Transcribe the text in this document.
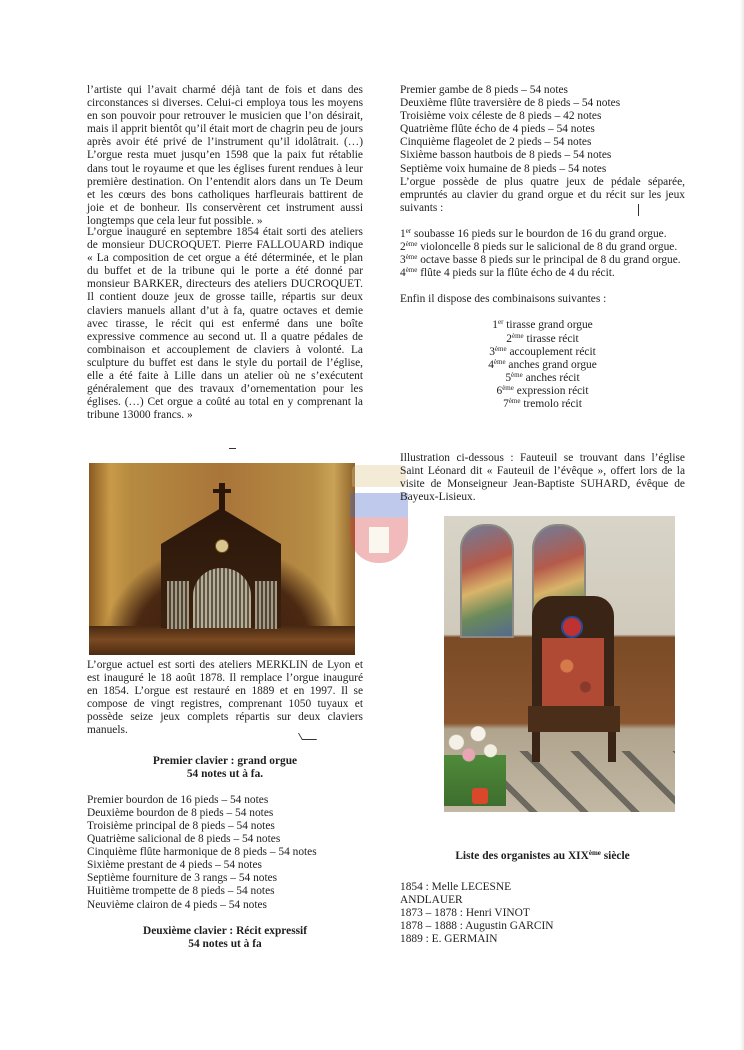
l’artiste qui l’avait charmé déjà tant de fois et dans des circonstances si diverses. Celui-ci employa tous les moyens en son pouvoir pour retrouver le musicien que l’on désirait, mais il apprit bientôt qu’il était mort de chagrin peu de jours après avoir été privé de l’instrument qu’il idolâtrait. (…) L’orgue resta muet jusqu’en 1598 que la paix fut rétablie dans tout le royaume et que les églises furent rendues à leur première destination. On l’entendit alors dans un Te Deum et les cœurs des bons catholiques harfleurais battirent de joie et de bonheur. Ils conservèrent cet instrument aussi longtemps que cela leur fut possible. »
L’orgue inauguré en septembre 1854 était sorti des ateliers de monsieur DUCROQUET. Pierre FALLOUARD indique « La composition de cet orgue a été déterminée, et le plan du buffet et de la tribune qui le porte a été donné par monsieur BARKER, directeurs des ateliers DUCROQUET. Il contient douze jeux de grosse taille, répartis sur deux claviers manuels allant d’ut à fa, quatre octaves et demie avec tirasse, le récit qui est enfermé dans une boîte expressive commence au second ut. Il a quatre pédales de combinaison et accouplement de claviers à volonté. La sculpture du buffet est dans le style du portail de l’église, elle a été faite à Lille dans un atelier où ne s’exécutent généralement que des travaux d’ornementation pour les églises. (…) Cet orgue a coûté au total en y comprenant la tribune 13000 francs. »
L’orgue actuel est sorti des ateliers MERKLIN de Lyon et est inauguré le 18 août 1878. Il remplace l’orgue inauguré en 1854. L’orgue est restauré en 1889 et en 1997. Il se compose de vingt registres, comprenant 1050 tuyaux et possède seize jeux complets répartis sur deux claviers manuels.
Premier clavier : grand orgue
54 notes ut à fa.
Premier bourdon de 16 pieds – 54 notes
Deuxième bourdon de 8 pieds – 54 notes
Troisième principal de 8 pieds – 54 notes
Quatrième salicional de 8 pieds – 54 notes
Cinquième flûte harmonique de 8 pieds – 54 notes
Sixième prestant de 4 pieds – 54 notes
Septième fourniture de 3 rangs – 54 notes
Huitième trompette de 8 pieds – 54 notes
Neuvième clairon de 4 pieds – 54 notes
Deuxième clavier : Récit expressif
54 notes ut à fa
Premier gambe de 8 pieds – 54 notes
Deuxième flûte traversière de 8 pieds – 54 notes
Troisième voix céleste de 8 pieds – 42 notes
Quatrième flûte écho de 4 pieds – 54 notes
Cinquième flageolet de 2 pieds – 54 notes
Sixième basson hautbois de 8 pieds – 54 notes
Septième voix humaine de 8 pieds – 54 notes
L’orgue possède de plus quatre jeux de pédale séparée, empruntés au clavier du grand orgue et du récit sur les jeux suivants :

1er soubasse 16 pieds sur le bourdon de 16 du grand orgue.

2ème violoncelle 8 pieds sur le salicional de 8 du grand orgue.

3ème octave basse 8 pieds sur le principal de 8 du grand orgue.

4ème flûte 4 pieds sur la flûte écho de 4 du récit.

Enfin il dispose des combinaisons suivantes :
1er tirasse grand orgue
2ème tirasse récit
3ème accouplement récit
4ème anches grand orgue
5ème anches récit
6ème expression récit
7ème tremolo récit
Illustration ci-dessous : Fauteuil se trouvant dans l’église Saint Léonard dit « Fauteuil de l’évêque », offert lors de la visite de Monseigneur Jean-Baptiste SUHARD, évêque de Bayeux-Lisieux.
Liste des organistes au XIXème siècle
1854 : Melle LECESNE
ANDLAUER
1873 – 1878 : Henri VINOT
1878 – 1888 : Augustin GARCIN
1889 : E. GERMAIN
